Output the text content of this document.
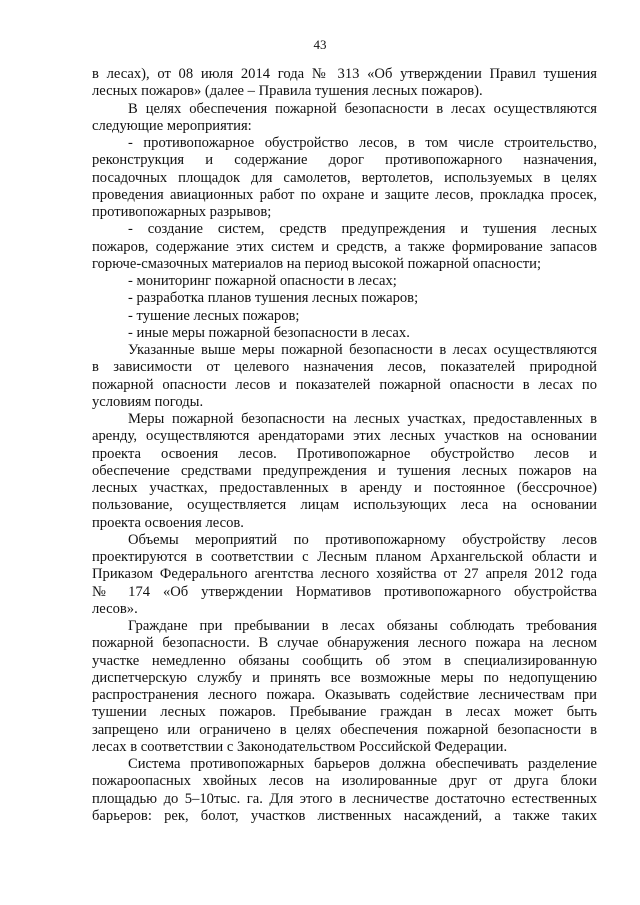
43
в лесах), от 08 июля 2014 года № 313 «Об утверждении Правил тушения
лесных пожаров» (далее – Правила тушения лесных пожаров).
В целях обеспечения пожарной безопасности в лесах осуществляются
следующие мероприятия:
- противопожарное обустройство лесов, в том числе строительство,
реконструкция и содержание дорог противопожарного назначения,
посадочных площадок для самолетов, вертолетов, используемых в целях
проведения авиационных работ по охране и защите лесов, прокладка просек,
противопожарных разрывов;
- создание систем, средств предупреждения и тушения лесных
пожаров, содержание этих систем и средств, а также формирование запасов
горюче-смазочных материалов на период высокой пожарной опасности;
- мониторинг пожарной опасности в лесах;
- разработка планов тушения лесных пожаров;
- тушение лесных пожаров;
- иные меры пожарной безопасности в лесах.
Указанные выше меры пожарной безопасности в лесах осуществляются
в зависимости от целевого назначения лесов, показателей природной
пожарной опасности лесов и показателей пожарной опасности в лесах по
условиям погоды.
Меры пожарной безопасности на лесных участках, предоставленных в
аренду, осуществляются арендаторами этих лесных участков на основании
проекта освоения лесов. Противопожарное обустройство лесов и
обеспечение средствами предупреждения и тушения лесных пожаров на
лесных участках, предоставленных в аренду и постоянное (бессрочное)
пользование, осуществляется лицам использующих леса на основании
проекта освоения лесов.
Объемы мероприятий по противопожарному обустройству лесов
проектируются в соответствии с Лесным планом Архангельской области и
Приказом Федерального агентства лесного хозяйства от 27 апреля 2012 года
№ 174 «Об утверждении Нормативов противопожарного обустройства
лесов».
Граждане при пребывании в лесах обязаны соблюдать требования
пожарной безопасности. В случае обнаружения лесного пожара на лесном
участке немедленно обязаны сообщить об этом в специализированную
диспетчерскую службу и принять все возможные меры по недопущению
распространения лесного пожара. Оказывать содействие лесничествам при
тушении лесных пожаров. Пребывание граждан в лесах может быть
запрещено или ограничено в целях обеспечения пожарной безопасности в
лесах в соответствии с Законодательством Российской Федерации.
Система противопожарных барьеров должна обеспечивать разделение
пожароопасных хвойных лесов на изолированные друг от друга блоки
площадью до 5–10тыс. га. Для этого в лесничестве достаточно естественных
барьеров: рек, болот, участков лиственных насаждений, а также таких
